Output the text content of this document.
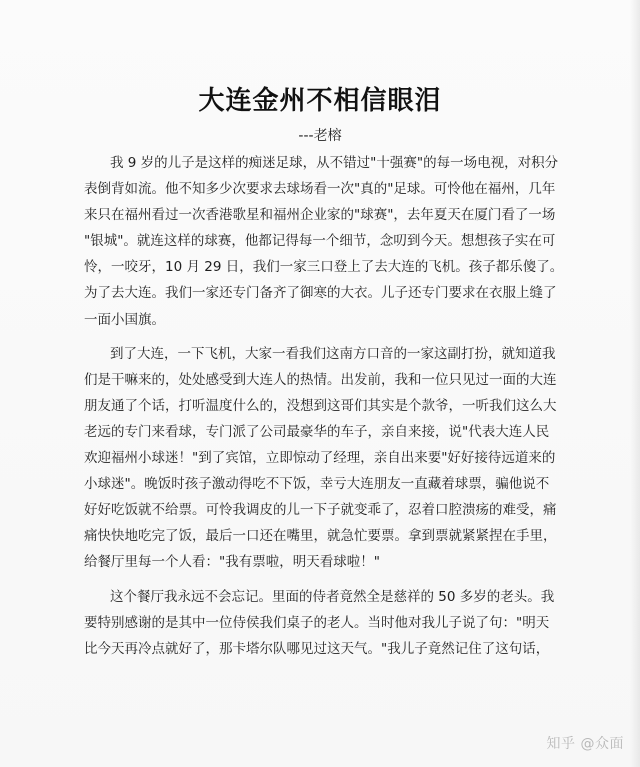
大连金州不相信眼泪
---老榕

我 9 岁的儿子是这样的痴迷足球，从不错过"十强赛"的每一场电视，对积分
表倒背如流。他不知多少次要求去球场看一次"真的"足球。可怜他在福州，几年
来只在福州看过一次香港歌星和福州企业家的"球赛"，去年夏天在厦门看了一场
"银城"。就连这样的球赛，他都记得每一个细节，念叨到今天。想想孩子实在可
怜，一咬牙，10 月 29 日，我们一家三口登上了去大连的飞机。孩子都乐傻了。
为了去大连。我们一家还专门备齐了御寒的大衣。儿子还专门要求在衣服上缝了
一面小国旗。

到了大连，一下飞机，大家一看我们这南方口音的一家这副打扮，就知道我
们是干嘛来的，处处感受到大连人的热情。出发前，我和一位只见过一面的大连
朋友通了个话，打听温度什么的，没想到这哥们其实是个款爷，一听我们这么大
老远的专门来看球，专门派了公司最豪华的车子，亲自来接，说"代表大连人民
欢迎福州小球迷！"到了宾馆，立即惊动了经理，亲自出来要"好好接待远道来的
小球迷"。晚饭时孩子激动得吃不下饭，幸亏大连朋友一直藏着球票，骗他说不
好好吃饭就不给票。可怜我调皮的儿一下子就变乖了，忍着口腔溃疡的难受，痛
痛快快地吃完了饭，最后一口还在嘴里，就急忙要票。拿到票就紧紧捏在手里，
给餐厅里每一个人看："我有票啦，明天看球啦！"

这个餐厅我永远不会忘记。里面的侍者竟然全是慈祥的 50 多岁的老头。我
要特别感谢的是其中一位侍侯我们桌子的老人。当时他对我儿子说了句："明天
比今天再冷点就好了，那卡塔尔队哪见过这天气。"我儿子竟然记住了这句话，

知乎 @众面
